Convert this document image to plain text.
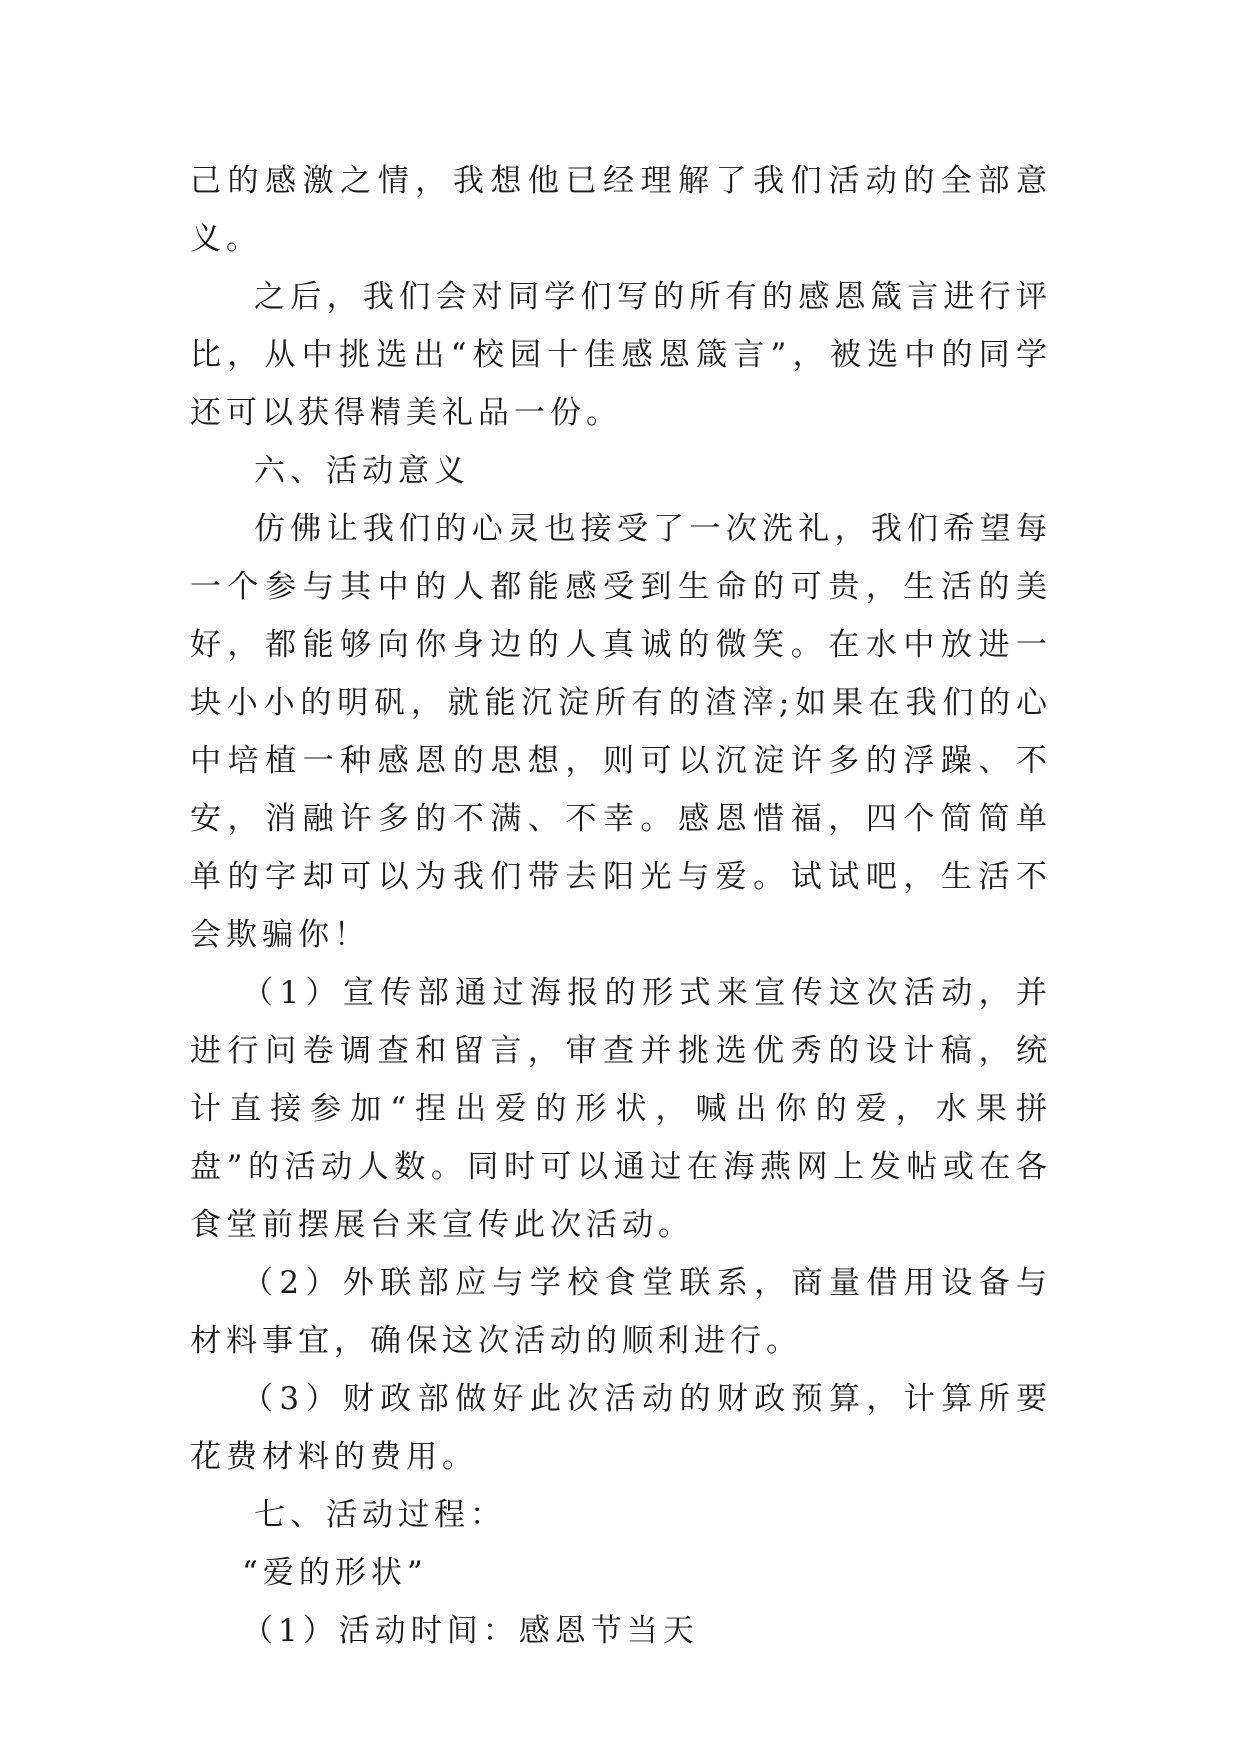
己的感激之情，我想他已经理解了我们活动的全部意义。

之后，我们会对同学们写的所有的感恩箴言进行评比，从中挑选出“校园十佳感恩箴言”，被选中的同学还可以获得精美礼品一份。

六、活动意义

仿佛让我们的心灵也接受了一次洗礼，我们希望每一个参与其中的人都能感受到生命的可贵，生活的美好，都能够向你身边的人真诚的微笑。在水中放进一块小小的明矾，就能沉淀所有的渣滓;如果在我们的心中培植一种感恩的思想，则可以沉淀许多的浮躁、不安，消融许多的不满、不幸。感恩惜福，四个简简单单的字却可以为我们带去阳光与爱。试试吧，生活不会欺骗你！

（1）宣传部通过海报的形式来宣传这次活动，并进行问卷调查和留言，审查并挑选优秀的设计稿，统计直接参加“捏出爱的形状，喊出你的爱，水果拼盘”的活动人数。同时可以通过在海燕网上发帖或在各食堂前摆展台来宣传此次活动。

（2）外联部应与学校食堂联系，商量借用设备与材料事宜，确保这次活动的顺利进行。

（3）财政部做好此次活动的财政预算，计算所要花费材料的费用。

七、活动过程：

“爱的形状”

（1）活动时间：感恩节当天
